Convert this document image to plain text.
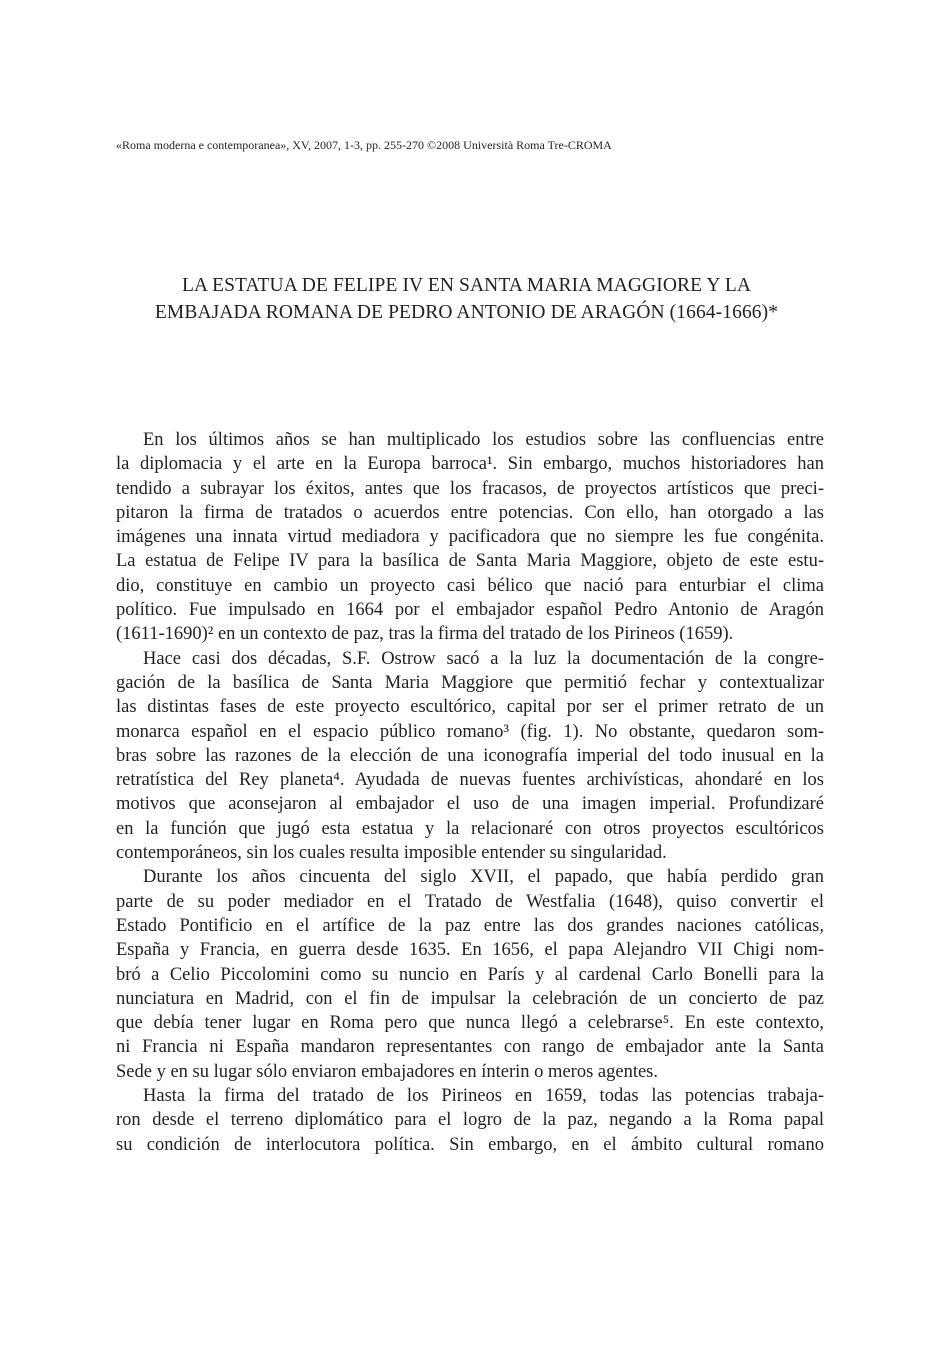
«Roma moderna e contemporanea», XV, 2007, 1-3, pp. 255-270 ©2008 Università Roma Tre-CROMA
LA ESTATUA DE FELIPE IV EN SANTA MARIA MAGGIORE Y LA
EMBAJADA ROMANA DE PEDRO ANTONIO DE ARAGÓN (1664-1666)*
En los últimos años se han multiplicado los estudios sobre las confluencias entre
la diplomacia y el arte en la Europa barroca¹. Sin embargo, muchos historiadores han
tendido a subrayar los éxitos, antes que los fracasos, de proyectos artísticos que preci-
pitaron la firma de tratados o acuerdos entre potencias. Con ello, han otorgado a las
imágenes una innata virtud mediadora y pacificadora que no siempre les fue congénita.
La estatua de Felipe IV para la basílica de Santa Maria Maggiore, objeto de este estu-
dio, constituye en cambio un proyecto casi bélico que nació para enturbiar el clima
político. Fue impulsado en 1664 por el embajador español Pedro Antonio de Aragón
(1611-1690)² en un contexto de paz, tras la firma del tratado de los Pirineos (1659).
Hace casi dos décadas, S.F. Ostrow sacó a la luz la documentación de la congre-
gación de la basílica de Santa Maria Maggiore que permitió fechar y contextualizar
las distintas fases de este proyecto escultórico, capital por ser el primer retrato de un
monarca español en el espacio público romano³ (fig. 1). No obstante, quedaron som-
bras sobre las razones de la elección de una iconografía imperial del todo inusual en la
retratística del Rey planeta⁴. Ayudada de nuevas fuentes archivísticas, ahondaré en los
motivos que aconsejaron al embajador el uso de una imagen imperial. Profundizaré
en la función que jugó esta estatua y la relacionaré con otros proyectos escultóricos
contemporáneos, sin los cuales resulta imposible entender su singularidad.
Durante los años cincuenta del siglo XVII, el papado, que había perdido gran
parte de su poder mediador en el Tratado de Westfalia (1648), quiso convertir el
Estado Pontificio en el artífice de la paz entre las dos grandes naciones católicas,
España y Francia, en guerra desde 1635. En 1656, el papa Alejandro VII Chigi nom-
bró a Celio Piccolomini como su nuncio en París y al cardenal Carlo Bonelli para la
nunciatura en Madrid, con el fin de impulsar la celebración de un concierto de paz
que debía tener lugar en Roma pero que nunca llegó a celebrarse⁵. En este contexto,
ni Francia ni España mandaron representantes con rango de embajador ante la Santa
Sede y en su lugar sólo enviaron embajadores en ínterin o meros agentes.
Hasta la firma del tratado de los Pirineos en 1659, todas las potencias trabaja-
ron desde el terreno diplomático para el logro de la paz, negando a la Roma papal
su condición de interlocutora política. Sin embargo, en el ámbito cultural romano
